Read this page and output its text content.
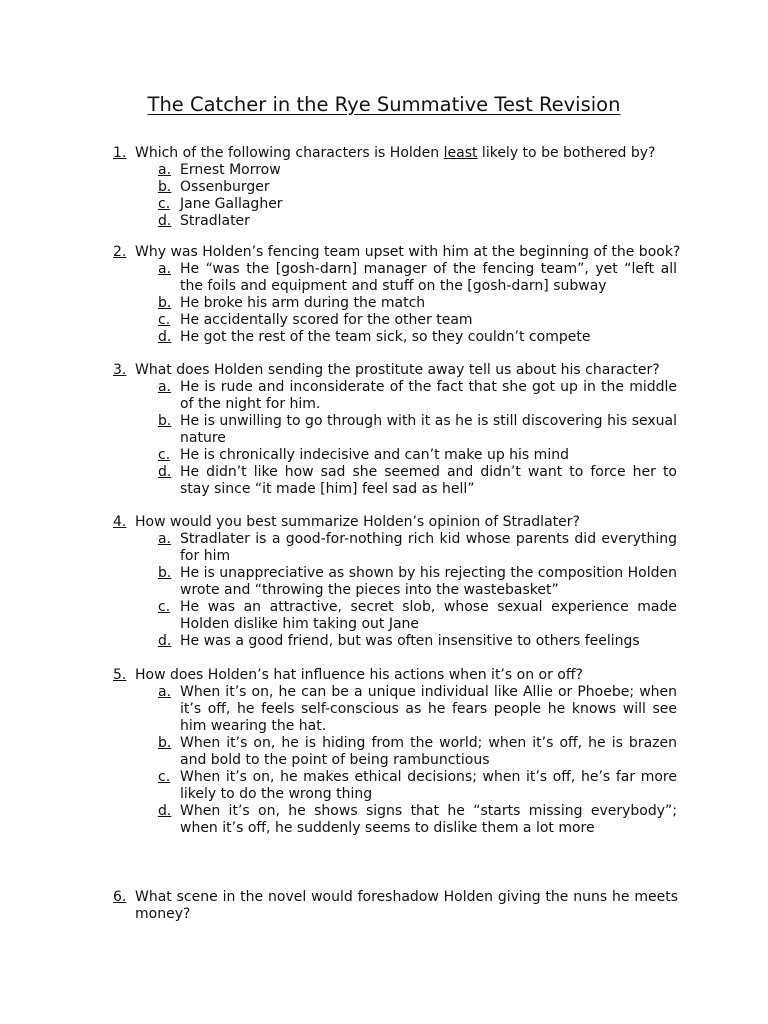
The Catcher in the Rye Summative Test Revision
1. Which of the following characters is Holden least likely to be bothered by?
a. Ernest Morrow
b. Ossenburger
c. Jane Gallagher
d. Stradlater
2. Why was Holden’s fencing team upset with him at the beginning of the book?
a. He “was the [gosh-darn] manager of the fencing team”, yet “left all the foils and equipment and stuff on the [gosh-darn] subway
b. He broke his arm during the match
c. He accidentally scored for the other team
d. He got the rest of the team sick, so they couldn’t compete
3. What does Holden sending the prostitute away tell us about his character?
a. He is rude and inconsiderate of the fact that she got up in the middle of the night for him.
b. He is unwilling to go through with it as he is still discovering his sexual nature
c. He is chronically indecisive and can’t make up his mind
d. He didn’t like how sad she seemed and didn’t want to force her to stay since “it made [him] feel sad as hell”
4. How would you best summarize Holden’s opinion of Stradlater?
a. Stradlater is a good-for-nothing rich kid whose parents did everything for him
b. He is unappreciative as shown by his rejecting the composition Holden wrote and “throwing the pieces into the wastebasket”
c. He was an attractive, secret slob, whose sexual experience made Holden dislike him taking out Jane
d. He was a good friend, but was often insensitive to others feelings
5. How does Holden’s hat influence his actions when it’s on or off?
a. When it’s on, he can be a unique individual like Allie or Phoebe; when it’s off, he feels self-conscious as he fears people he knows will see him wearing the hat.
b. When it’s on, he is hiding from the world; when it’s off, he is brazen and bold to the point of being rambunctious
c. When it’s on, he makes ethical decisions; when it’s off, he’s far more likely to do the wrong thing
d. When it’s on, he shows signs that he “starts missing everybody”; when it’s off, he suddenly seems to dislike them a lot more
6. What scene in the novel would foreshadow Holden giving the nuns he meets money?
